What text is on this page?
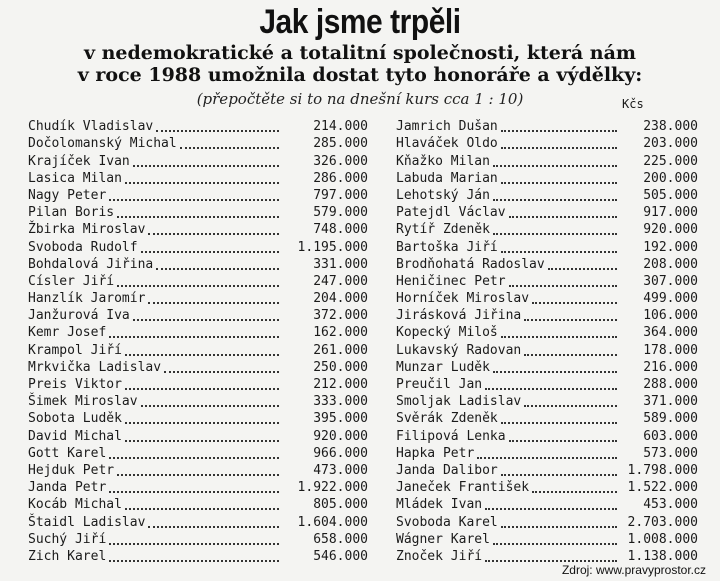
Jak jsme trpěli
v nedemokratické a totalitní společnosti, která nám
v roce 1988 umožnila dostat tyto honoráře a výdělky:
(přepočtěte si to na dnešní kurs cca 1 : 10)	Kčs
Chudík Vladislav	214.000
Dočolomanský Michal	285.000
Krajíček Ivan	326.000
Lasica Milan	286.000
Nagy Peter	797.000
Pilan Boris	579.000
Žbirka Miroslav	748.000
Svoboda Rudolf	1.195.000
Bohdalová Jiřina	331.000
Císler Jiří	247.000
Hanzlík Jaromír	204.000
Janžurová Iva	372.000
Kemr Josef	162.000
Krampol Jiří	261.000
Mrkvička Ladislav	250.000
Preis Viktor	212.000
Šimek Miroslav	333.000
Sobota Luděk	395.000
David Michal	920.000
Gott Karel	966.000
Hejduk Petr	473.000
Janda Petr	1.922.000
Kocáb Michal	805.000
Štaidl Ladislav	1.604.000
Suchý Jiří	658.000
Zich Karel	546.000
Jamrich Dušan	238.000
Hlaváček Oldo	203.000
Kňažko Milan	225.000
Labuda Marian	200.000
Lehotský Ján	505.000
Patejdl Václav	917.000
Rytíř Zdeněk	920.000
Bartoška Jiří	192.000
Brodňohatá Radoslav	208.000
Heničinec Petr	307.000
Horníček Miroslav	499.000
Jirásková Jiřina	106.000
Kopecký Miloš	364.000
Lukavský Radovan	178.000
Munzar Luděk	216.000
Preučil Jan	288.000
Smoljak Ladislav	371.000
Svěrák Zdeněk	589.000
Filipová Lenka	603.000
Hapka Petr	573.000
Janda Dalibor	1.798.000
Janeček František	1.522.000
Mládek Ivan	453.000
Svoboda Karel	2.703.000
Wágner Karel	1.008.000
Znoček Jiří	1.138.000
Zdroj: www.pravyprostor.cz
